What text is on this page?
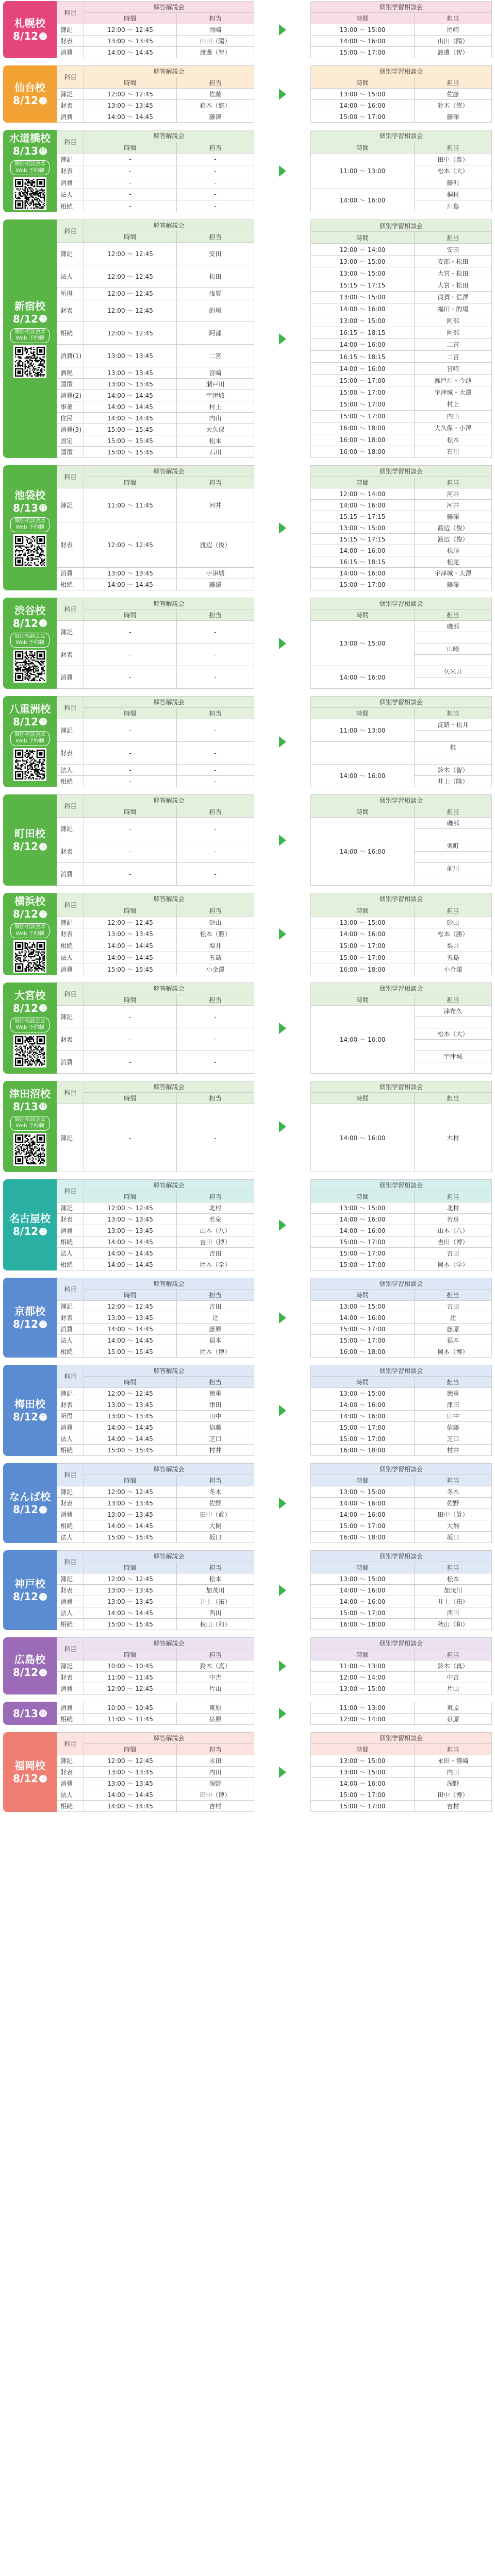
札幌校
8/12 土
科目	解答解説会	
	時間	担当
簿記	12:00 ～ 12:45	岡崎
財表	13:00 ～ 13:45	山田（陽）
消費	14:00 ～ 14:45	渡邊（智）
個別学習相談会	
時間	担当
13:00 ～ 15:00	岡崎
14:00 ～ 16:00	山田（陽）
15:00 ～ 17:00	渡邊（智）
仙台校
8/12 土
科目	解答解説会	
	時間	担当
簿記	12:00 ～ 12:45	佐藤
財表	13:00 ～ 13:45	鈴木（悠）
消費	14:00 ～ 14:45	藤澤
個別学習相談会	
時間	担当
13:00 ～ 15:00	佐藤
14:00 ～ 16:00	鈴木（悠）
15:00 ～ 17:00	藤澤
水道橋校
8/13 日
個別相談会は
Web 予約制
科目	解答解説会	
	時間	担当
簿記	-	-
財表	-	-
消費	-	-
法人	-	-
相続	-	-
個別学習相談会	
時間	担当
11:00 ～ 13:00	田中（泰）
	松本（大）
	藤沢
14:00 ～ 16:00	桐村
	川島
新宿校
8/12 土
個別相談会は
Web 予約制
科目	解答解説会	
	時間	担当
簿記	12:00 ～ 12:45	安田
法人	12:00 ～ 12:45	松田
所得	12:00 ～ 12:45	浅賀
財表	12:00 ～ 12:45	的場
相続	12:00 ～ 12:45	阿部
消費(1)	13:00 ～ 13:45	二宮
酒税	13:00 ～ 13:45	宮崎
国徴	13:00 ～ 13:45	瀬戸川
消費(2)	14:00 ～ 14:45	宇津城
事業	14:00 ～ 14:45	村上
住民	14:00 ～ 14:45	内山
消費(3)	15:00 ～ 15:45	大久保
固定	15:00 ～ 15:45	松本
国徴	15:00 ～ 15:45	石川
個別学習相談会	
時間	担当
12:00 ～ 14:00	安田
13:00 ～ 15:00	安部・松田
13:00 ～ 15:00	大宮・松田
15:15 ～ 17:15	大宮・松田
13:00 ～ 15:00	浅賀・信澤
14:00 ～ 16:00	福田・的場
13:00 ～ 15:00	阿部
16:15 ～ 18:15	阿部
14:00 ～ 16:00	二宮
16:15 ～ 18:15	二宮
14:00 ～ 16:00	宮崎
15:00 ～ 17:00	瀬戸川・今池
15:00 ～ 17:00	宇津城・大澤
15:00 ～ 17:00	村上
15:00 ～ 17:00	内山
16:00 ～ 18:00	大久保・小澤
16:00 ～ 18:00	松本
16:00 ～ 18:00	石川
池袋校
8/13 日
個別相談会は
Web 予約制
科目	解答解説会	
	時間	担当
簿記	11:00 ～ 11:45	河井
財表	12:00 ～ 12:45	渡辺（俊）
消費	13:00 ～ 13:45	宇津城
相続	14:00 ～ 14:45	藤澤
個別学習相談会	
時間	担当
12:00 ～ 14:00	河井
14:00 ～ 16:00	河井
15:15 ～ 17:15	藤澤
13:00 ～ 15:00	渡辺（俊）
15:15 ～ 17:15	渡辺（俊）
14:00 ～ 16:00	松尾
16:15 ～ 18:15	松尾
14:00 ～ 16:00	宇津城・大澤
15:00 ～ 17:00	藤澤
渋谷校
8/12 土
個別相談会は
Web 予約制
科目	解答解説会	
	時間	担当
簿記	-	-
財表	-	-
消費	-	-
個別学習相談会	
時間	担当
13:00 ～ 15:00	磯部

	山崎

14:00 ～ 16:00	久米井

八重洲校
8/12 土
個別相談会は
Web 予約制
科目	解答解説会	
	時間	担当
簿記	-	-
財表	-	-
法人	-	-
相続	-	-
個別学習相談会	
時間	担当
11:00 ～ 13:00	淀路・松井

	椎

14:00 ～ 16:00	鈴木（智）
	井上（隆）
町田校
8/12 土
科目	解答解説会	
	時間	担当
簿記	-	-
財表	-	-
消費	-	-
個別学習相談会	
時間	担当
14:00 ～ 16:00	磯部

	栗町

	前川

横浜校
8/12 土
個別相談会は
Web 予約制
科目	解答解説会	
	時間	担当
簿記	12:00 ～ 12:45	砂山
財表	13:00 ～ 13:45	松本（勝）
相続	14:00 ～ 14:45	梨井
法人	14:00 ～ 14:45	五島
消費	15:00 ～ 15:45	小金澤
個別学習相談会	
時間	担当
13:00 ～ 15:00	砂山
14:00 ～ 16:00	松本（勝）
15:00 ～ 17:00	梨井
15:00 ～ 17:00	五島
16:00 ～ 18:00	小金澤
大宮校
8/12 土
個別相談会は
Web 予約制
科目	解答解説会	
	時間	担当
簿記	-	-
財表	-	-
消費	-	-
個別学習相談会	
時間	担当
14:00 ～ 16:00	津布久

	松本（大）

	宇津城

津田沼校
8/13 日
個別相談会は
Web 予約制
科目	解答解説会	
	時間	担当
簿記	-	-
個別学習相談会	
時間	担当
14:00 ～ 16:00	木村
名古屋校
8/12 土
科目	解答解説会	
	時間	担当
簿記	12:00 ～ 12:45	北村
財表	13:00 ～ 13:45	若泉
消費	13:00 ～ 13:45	山本（八）
相続	14:00 ～ 14:45	吉田（博）
法人	14:00 ～ 14:45	吉田
相続	14:00 ～ 14:45	岡本（学）
個別学習相談会	
時間	担当
13:00 ～ 15:00	北村
14:00 ～ 16:00	若泉
14:00 ～ 16:00	山本（八）
15:00 ～ 17:00	吉田（博）
15:00 ～ 17:00	吉田
15:00 ～ 17:00	岡本（学）
京都校
8/12 土
科目	解答解説会	
	時間	担当
簿記	12:00 ～ 12:45	吉田
財表	13:00 ～ 13:45	辻
消費	14:00 ～ 14:45	藤原
法人	14:00 ～ 14:45	福本
相続	15:00 ～ 15:45	岡本（博）
個別学習相談会	
時間	担当
13:00 ～ 15:00	吉田
14:00 ～ 16:00	辻
15:00 ～ 17:00	藤原
15:00 ～ 17:00	福本
16:00 ～ 18:00	岡本（博）
梅田校
8/12 土
科目	解答解説会	
	時間	担当
簿記	12:00 ～ 12:45	徳重
財表	13:00 ～ 13:45	津田
所得	13:00 ～ 13:45	田中
消費	14:00 ～ 14:45	信藤
法人	14:00 ～ 14:45	芝口
相続	15:00 ～ 15:45	村井
個別学習相談会	
時間	担当
13:00 ～ 15:00	徳重
14:00 ～ 16:00	津田
14:00 ～ 16:00	田中
15:00 ～ 17:00	信藤
15:00 ～ 17:00	芝口
16:00 ～ 18:00	村井
なんば校
8/12 土
科目	解答解説会	
	時間	担当
簿記	12:00 ～ 12:45	冬木
財表	13:00 ～ 13:45	佐野
消費	13:00 ～ 13:45	田中（眞）
相続	14:00 ～ 14:45	大飼
法人	15:00 ～ 15:45	坂口
個別学習相談会	
時間	担当
13:00 ～ 15:00	冬木
14:00 ～ 16:00	佐野
14:00 ～ 16:00	田中（眞）
15:00 ～ 17:00	大飼
16:00 ～ 18:00	坂口
神戸校
8/12 土
科目	解答解説会	
	時間	担当
簿記	12:00 ～ 12:45	松本
財表	13:00 ～ 13:45	加茂川
消費	13:00 ～ 13:45	井上（拓）
法人	14:00 ～ 14:45	西田
相続	15:00 ～ 15:45	秋山（和）
個別学習相談会	
時間	担当
13:00 ～ 15:00	松本
14:00 ～ 16:00	加茂川
14:00 ～ 16:00	井上（拓）
15:00 ～ 17:00	西田
16:00 ～ 18:00	秋山（和）
広島校
8/12 土
科目	解答解説会	
	時間	担当
簿記	10:00 ～ 10:45	鈴木（真）
財表	11:00 ～ 11:45	中吉
消費	12:00 ～ 12:45	片山
個別学習相談会	
時間	担当
11:00 ～ 13:00	鈴木（真）
12:00 ～ 14:00	中吉
13:00 ～ 15:00	片山
8/13 日
消費	10:00 ～ 10:45	東原
相続	11:00 ～ 11:45	泉原
11:00 ～ 13:00	東原
12:00 ～ 14:00	泉原
福岡校
8/12 土
科目	解答解説会	
	時間	担当
簿記	12:00 ～ 12:45	永田
財表	13:00 ～ 13:45	内田
消費	13:00 ～ 13:45	深野
法人	14:00 ～ 14:45	田中（博）
相続	14:00 ～ 14:45	吉村
個別学習相談会	
時間	担当
13:00 ～ 15:00	永田・篠崎
13:00 ～ 15:00	内田
14:00 ～ 16:00	深野
15:00 ～ 17:00	田中（博）
15:00 ～ 17:00	吉村
